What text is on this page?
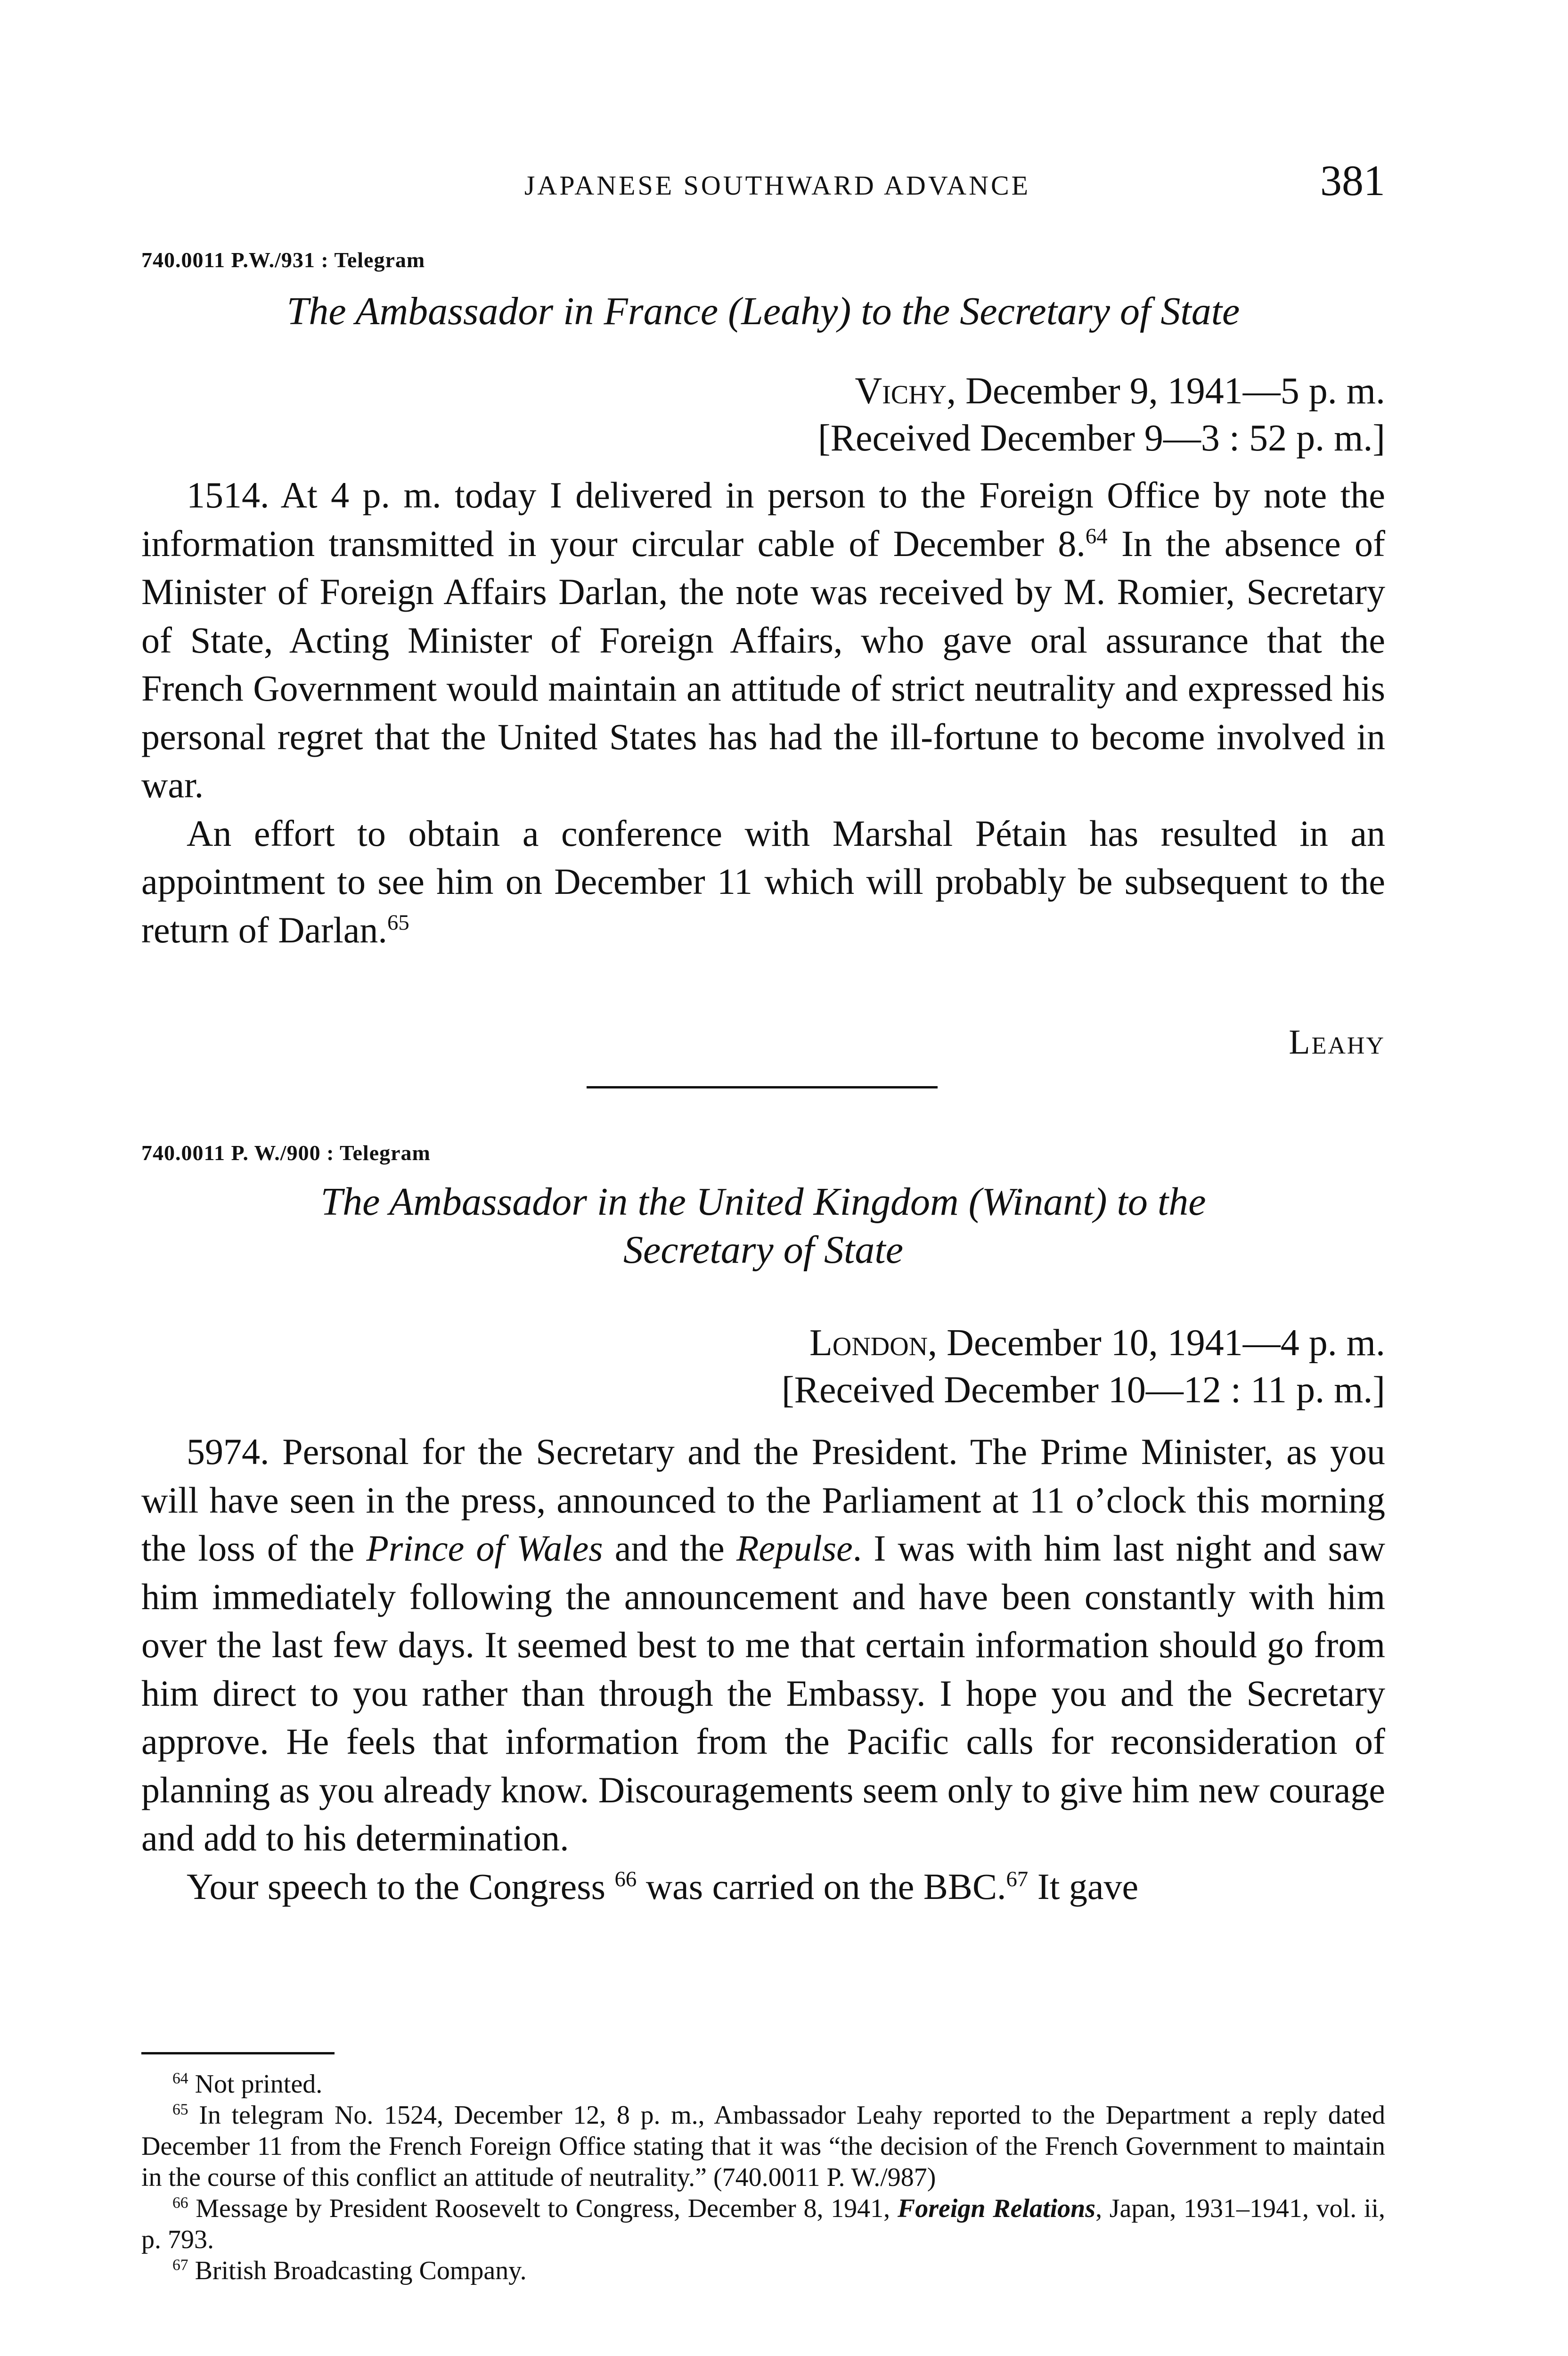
JAPANESE SOUTHWARD ADVANCE	381
740.0011 P.W./931 : Telegram
The Ambassador in France (Leahy) to the Secretary of State
Vichy, December 9, 1941—5 p. m.
[Received December 9—3 : 52 p. m.]

1514. At 4 p. m. today I delivered in person to the Foreign Office by note the information transmitted in your circular cable of December 8.64 In the absence of Minister of Foreign Affairs Darlan, the note was received by M. Romier, Secretary of State, Acting Minister of Foreign Affairs, who gave oral assurance that the French Government would maintain an attitude of strict neutrality and expressed his personal regret that the United States has had the ill-fortune to become involved in war.

An effort to obtain a conference with Marshal Pétain has resulted in an appointment to see him on December 11 which will probably be subsequent to the return of Darlan.$^{65}$

Leahy
740.0011 P. W./900 : Telegram
The Ambassador in the United Kingdom (Winant) to the
Secretary of State
London, December 10, 1941—4 p. m.
[Received December 10—12 : 11 p. m.]

5974. Personal for the Secretary and the President. The Prime Minister, as you will have seen in the press, announced to the Parliament at 11 o’clock this morning the loss of the Prince of Wales and the Repulse. I was with him last night and saw him immediately following the announcement and have been constantly with him over the last few days. It seemed best to me that certain information should go from him direct to you rather than through the Embassy. I hope you and the Secretary approve. He feels that information from the Pacific calls for reconsideration of planning as you already know. Discouragements seem only to give him new courage and add to his determination.

Your speech to the Congress $^{66}$ was carried on the BBC.$^{67}$ It gave

$^{64}$ Not printed.
$^{65}$ In telegram No. 1524, December 12, 8 p. m., Ambassador Leahy reported to the Department a reply dated December 11 from the French Foreign Office stating that it was “the decision of the French Government to maintain in the course of this conflict an attitude of neutrality.” (740.0011 P. W./987)
$^{66}$ Message by President Roosevelt to Congress, December 8, 1941, Foreign Relations, Japan, 1931–1941, vol. ii, p. 793.
$^{67}$ British Broadcasting Company.
